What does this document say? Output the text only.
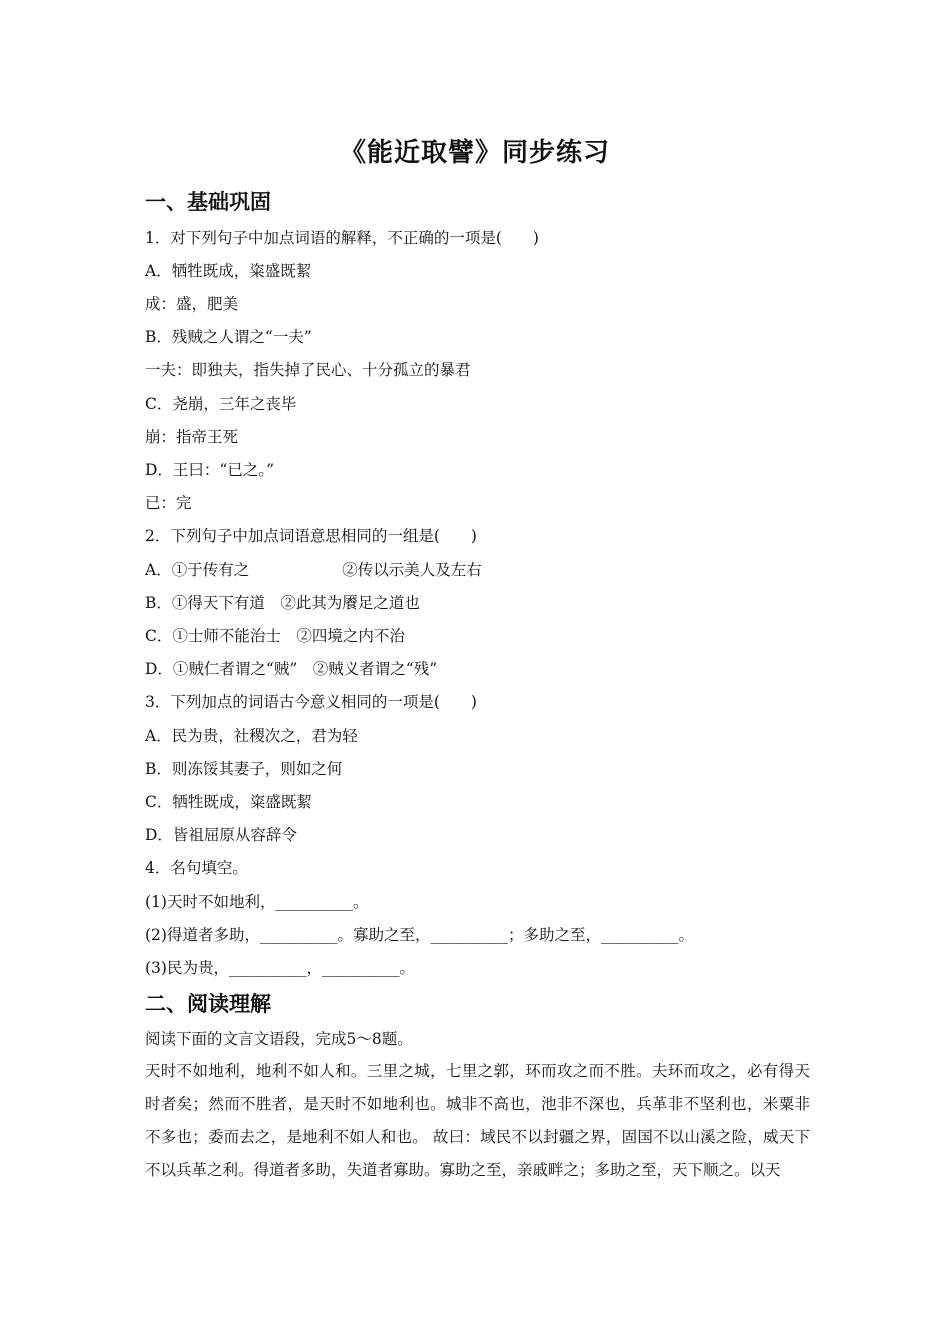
《能近取譬》同步练习
一、基础巩固
1．对下列句子中加点词语的解释，不正确的一项是(　　)
A．牺牲既成，粢盛既絜
成：盛，肥美
B．残贼之人谓之“一夫”
一夫：即独夫，指失掉了民心、十分孤立的暴君
C．尧崩，三年之丧毕
崩：指帝王死
D．王曰：“已之。”
已：完
2．下列句子中加点词语意思相同的一组是(　　)
A．①于传有之　　　　　　②传以示美人及左右
B．①得天下有道　②此其为餍足之道也
C．①士师不能治士　②四境之内不治
D．①贼仁者谓之“贼”　②贼义者谓之“残”
3．下列加点的词语古今意义相同的一项是(　　)
A．民为贵，社稷次之，君为轻
B．则冻馁其妻子，则如之何
C．牺牲既成，粢盛既絜
D．皆祖屈原从容辞令
4．名句填空。
(1)天时不如地利，__________。
(2)得道者多助，__________。寡助之至，__________；多助之至，__________。
(3)民为贵，__________，__________。
二、阅读理解
阅读下面的文言文语段，完成5～8题。
天时不如地利，地利不如人和。三里之城，七里之郭，环而攻之而不胜。夫环而攻之，必有得天时者矣；然而不胜者，是天时不如地利也。城非不高也，池非不深也，兵革非不坚利也，米粟非不多也；委而去之，是地利不如人和也。 故曰：域民不以封疆之界，固国不以山溪之险，威天下不以兵革之利。得道者多助，失道者寡助。寡助之至，亲戚畔之；多助之至，天下顺之。以天
